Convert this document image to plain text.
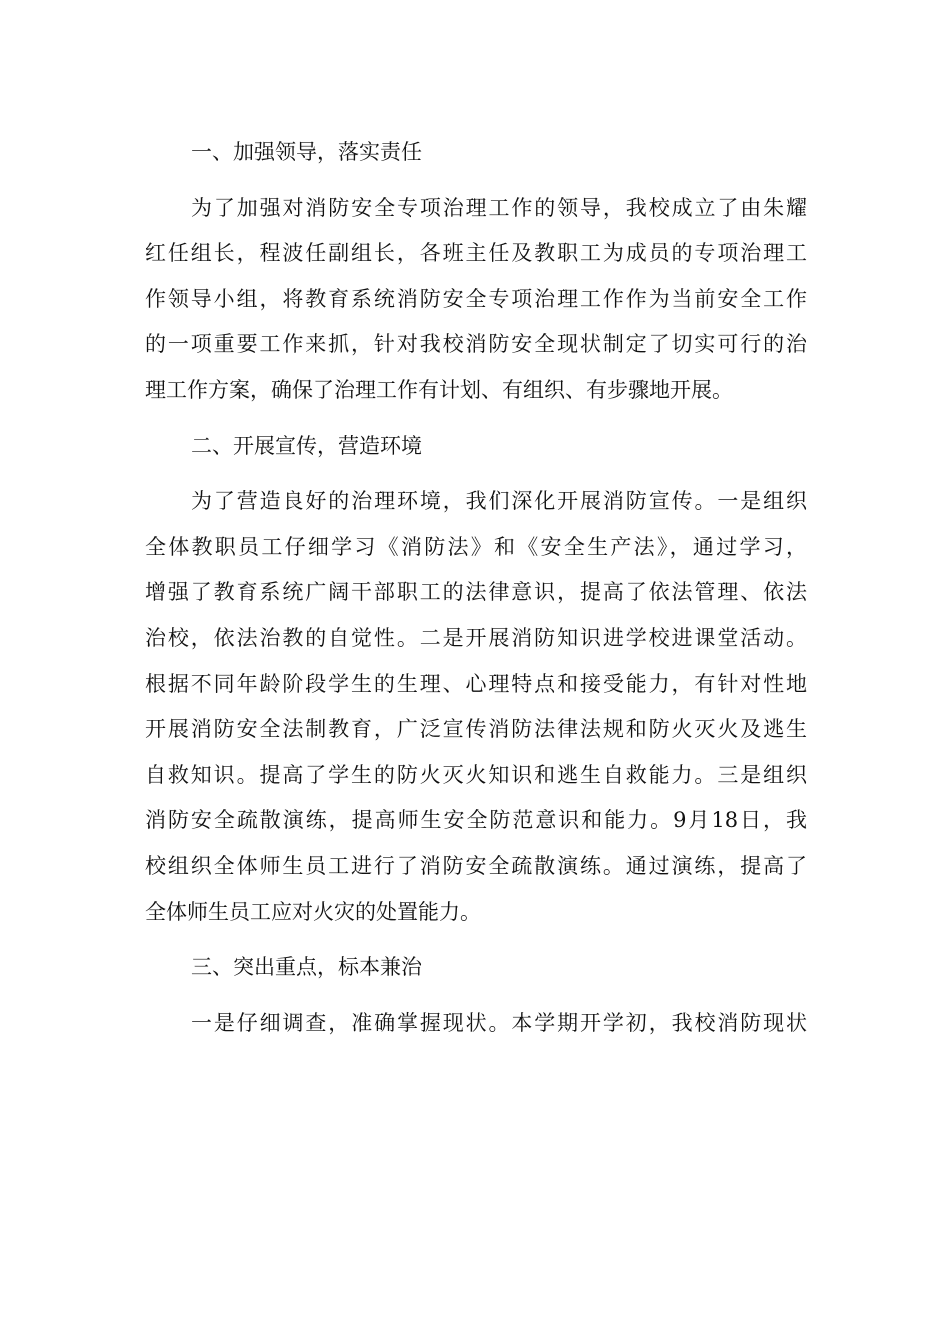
一、加强领导，落实责任
为了加强对消防安全专项治理工作的领导，我校成立了由朱耀
红任组长，程波任副组长，各班主任及教职工为成员的专项治理工
作领导小组，将教育系统消防安全专项治理工作作为当前安全工作
的一项重要工作来抓，针对我校消防安全现状制定了切实可行的治
理工作方案，确保了治理工作有计划、有组织、有步骤地开展。
二、开展宣传，营造环境
为了营造良好的治理环境，我们深化开展消防宣传。一是组织
全体教职员工仔细学习《消防法》和《安全生产法》，通过学习，
增强了教育系统广阔干部职工的法律意识，提高了依法管理、依法
治校，依法治教的自觉性。二是开展消防知识进学校进课堂活动。
根据不同年龄阶段学生的生理、心理特点和接受能力，有针对性地
开展消防安全法制教育，广泛宣传消防法律法规和防火灭火及逃生
自救知识。提高了学生的防火灭火知识和逃生自救能力。三是组织
消防安全疏散演练，提高师生安全防范意识和能力。9月18日，我
校组织全体师生员工进行了消防安全疏散演练。通过演练，提高了
全体师生员工应对火灾的处置能力。
三、突出重点，标本兼治
一是仔细调查，准确掌握现状。本学期开学初，我校消防现状
